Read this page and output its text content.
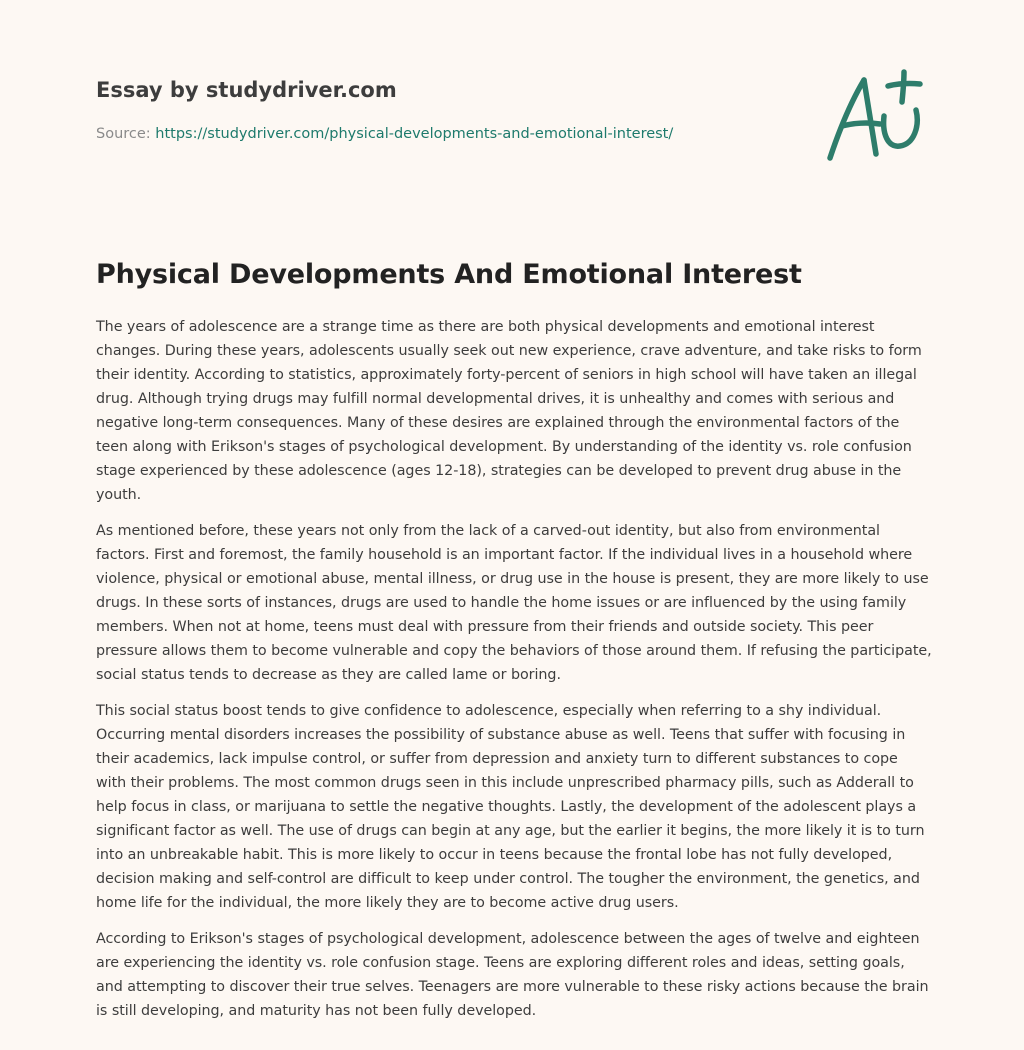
Essay by studydriver.com
Source: https://studydriver.com/physical-developments-and-emotional-interest/
Physical Developments And Emotional Interest

The years of adolescence are a strange time as there are both physical developments and emotional interest changes. During these years, adolescents usually seek out new experience, crave adventure, and take risks to form their identity. According to statistics, approximately forty-percent of seniors in high school will have taken an illegal drug. Although trying drugs may fulfill normal developmental drives, it is unhealthy and comes with serious and negative long-term consequences. Many of these desires are explained through the environmental factors of the teen along with Erikson's stages of psychological development. By understanding of the identity vs. role confusion stage experienced by these adolescence (ages 12-18), strategies can be developed to prevent drug abuse in the youth.

As mentioned before, these years not only from the lack of a carved-out identity, but also from environmental factors. First and foremost, the family household is an important factor. If the individual lives in a household where violence, physical or emotional abuse, mental illness, or drug use in the house is present, they are more likely to use drugs. In these sorts of instances, drugs are used to handle the home issues or are influenced by the using family members. When not at home, teens must deal with pressure from their friends and outside society. This peer pressure allows them to become vulnerable and copy the behaviors of those around them. If refusing the participate, social status tends to decrease as they are called lame or boring.

This social status boost tends to give confidence to adolescence, especially when referring to a shy individual. Occurring mental disorders increases the possibility of substance abuse as well. Teens that suffer with focusing in their academics, lack impulse control, or suffer from depression and anxiety turn to different substances to cope with their problems. The most common drugs seen in this include unprescribed pharmacy pills, such as Adderall to help focus in class, or marijuana to settle the negative thoughts. Lastly, the development of the adolescent plays a significant factor as well. The use of drugs can begin at any age, but the earlier it begins, the more likely it is to turn into an unbreakable habit. This is more likely to occur in teens because the frontal lobe has not fully developed, decision making and self-control are difficult to keep under control. The tougher the environment, the genetics, and home life for the individual, the more likely they are to become active drug users.

According to Erikson's stages of psychological development, adolescence between the ages of twelve and eighteen are experiencing the identity vs. role confusion stage. Teens are exploring different roles and ideas, setting goals, and attempting to discover their true selves. Teenagers are more vulnerable to these risky actions because the brain is still developing, and maturity has not been fully developed.
